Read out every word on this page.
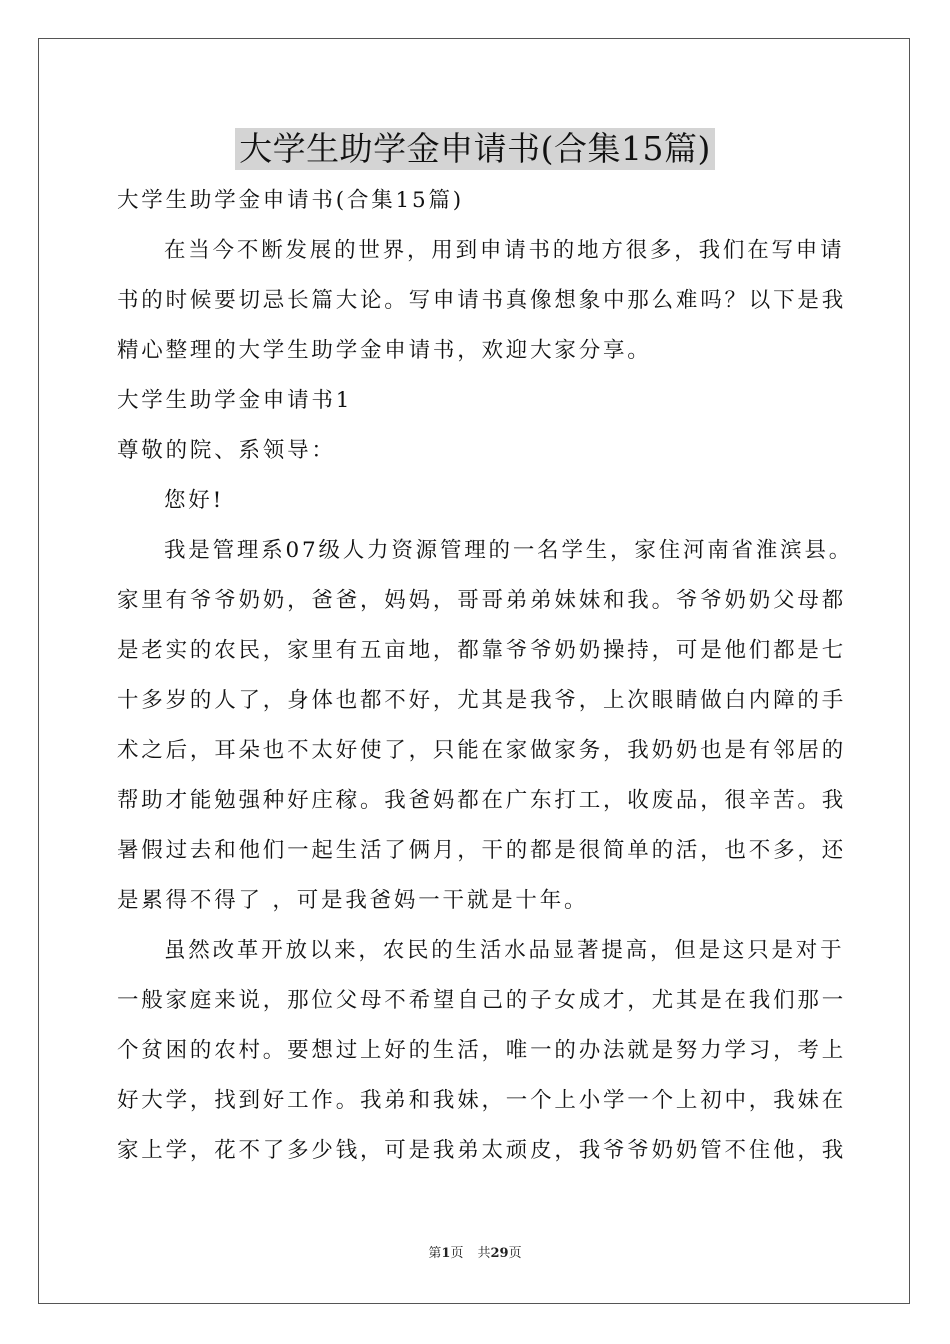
大学生助学金申请书(合集15篇)

大学生助学金申请书(合集15篇)

在当今不断发展的世界，用到申请书的地方很多，我们在写申请

书的时候要切忌长篇大论。写申请书真像想象中那么难吗？以下是我

精心整理的大学生助学金申请书，欢迎大家分享。

大学生助学金申请书1

尊敬的院、系领导：

您好!

我是管理系07级人力资源管理的一名学生，家住河南省淮滨县。

家里有爷爷奶奶，爸爸，妈妈，哥哥弟弟妹妹和我。爷爷奶奶父母都

是老实的农民，家里有五亩地，都靠爷爷奶奶操持，可是他们都是七

十多岁的人了，身体也都不好，尤其是我爷，上次眼睛做白内障的手

术之后，耳朵也不太好使了，只能在家做家务，我奶奶也是有邻居的

帮助才能勉强种好庄稼。我爸妈都在广东打工，收废品，很辛苦。我

暑假过去和他们一起生活了俩月，干的都是很简单的活，也不多，还

是累得不得了 ，可是我爸妈一干就是十年。

虽然改革开放以来，农民的生活水品显著提高，但是这只是对于

一般家庭来说，那位父母不希望自己的子女成才，尤其是在我们那一

个贫困的农村。要想过上好的生活，唯一的办法就是努力学习，考上

好大学，找到好工作。我弟和我妹，一个上小学一个上初中，我妹在

家上学，花不了多少钱，可是我弟太顽皮，我爷爷奶奶管不住他，我

第1页 共29页
